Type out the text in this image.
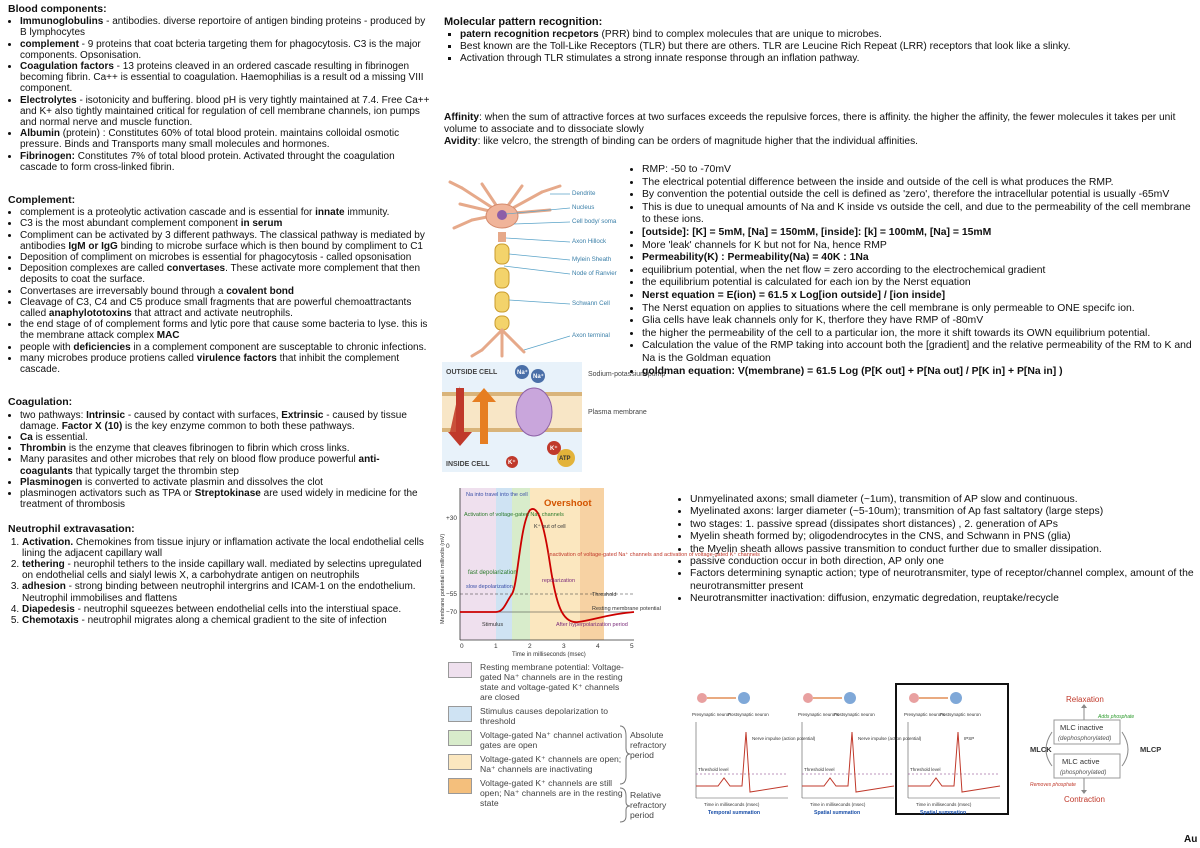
Blood components:
• Immunoglobulins - antibodies. diverse reportoire of antigen binding proteins - produced by B lymphocytes
• complement - 9 proteins that coat bcteria targeting them for phagocytosis. C3 is the major components. Opsonisation.
• Coagulation factors - 13 proteins cleaved in an ordered cascade resulting in fibrinogen becoming fibrin. Ca++ is essential to coagulation. Haemophilias is a result od a missing VIII component.
• Electrolytes - isotonicity and buffering. blood pH is very tightly maintained at 7.4. Free Ca++ and K+ also tightly maintained critical for regulation of cell membrane channels, ion pumps and normal nerve and muscle function.
• Albumin (protein) : Constitutes 60% of total blood protein. maintains colloidal osmotic pressure. Binds and Transports many small molecules and hormones.
• Fibrinogen: Constitutes 7% of total blood protein. Activated throught the coagulation cascade to form cross-linked fibrin.
Complement:
• complement is a proteolytic activation cascade and is essential for innate immunity.
• C3 is the most abundant complement component in serum
• Compliment can be activated by 3 different pathways. The classical pathway is mediated by antibodies IgM or IgG binding to microbe surface which is then bound by compliment to C1
• Deposition of compliment on microbes is essential for phagocytosis - called opsonisation
• Deposition complexes are called convertases. These activate more complement that then deposits to coat the surface.
• Convertases are irreversably bound through a covalent bond
• Cleavage of C3, C4 and C5 produce small fragments that are powerful chemoattractants called anaphylototoxins that attract and activate neutrophils.
• the end stage of of complement forms and lytic pore that cause some bacteria to lyse. this is the membrane attack complex MAC
• people with deficiencies in a complement component are susceptable to chronic infections.
• many microbes produce protiens called virulence factors that inhibit the complement cascade.
Coagulation:
• two pathways: Intrinsic - caused by contact with surfaces, Extrinsic - caused by tissue damage. Factor X (10) is the key enzyme common to both these pathways.
• Ca is essential.
• Thrombin is the enzyme that cleaves fibrinogen to fibrin which cross links.
• Many parasites and other microbes that rely on blood flow produce powerful anti-coagulants that typically target the thrombin step
• Plasminogen is converted to activate plasmin and dissolves the clot
• plasminogen activators such as TPA or Streptokinase are used widely in medicine for the treatment of thrombosis
Neutrophil extravasation:
1. Activation. Chemokines from tissue injury or inflamation activate the local endothelial cells lining the adjacent capillary wall
2. tethering - neurophil tethers to the inside capillary wall. mediated by selectins upregulated on endothelial cells and sialyl lewis X, a carbohydrate antigen on neutrophils
3. adhesion - strong binding between neutrophil intergrins and ICAM-1 on the endothelium. Neutrophil immobilises and flattens
4. Diapedesis - neutrophil squeezes between endothelial cells into the interstiual space.
5. Chemotaxis - neutrophil migrates along a chemical gradient to the site of infection
Molecular pattern recognition:
▪ patern recognition recpetors (PRR) bind to complex molecules that are unique to microbes.
▪ Best known are the Toll-Like Receptors (TLR) but there are others. TLR are Leucine Rich Repeat (LRR) receptors that look like a slinky.
▪ Activation through TLR stimulates a strong innate response through an inflation pathway.
Affinity: when the sum of attractive forces at two surfaces exceeds the repulsive forces, there is affinity. the higher the affinity, the fewer molecules it takes per unit volume to associate and to dissociate slowly
Avidity: like velcro, the strength of binding can be orders of magnitude higher that the individual affinities.
Dendrite
Nucleus
Cell body/ soma
Axon Hillock
Mylein Sheath
Node of Ranvier
Schwann Cell
Axon terminal
Na⁺
Na⁺
K⁺
ATP
K⁺
OUTSIDE CELL
INSIDE CELL
Sodium-potassium pump
Plasma membrane
+30
0
−55
−70
0	1	2	3	4	5
Overshoot
Threshold
Resting membrane potential
Stimulus
Activation of voltage-gated Na⁺ channels
Inactivation of voltage-gated Na⁺ channels and activation of voltage-gated K⁺ channels
K⁺ out of cell
Na into travel into the cell
fast depolarization
slow depolarization
repolarization
After hyperpolarization period
Time in milliseconds (msec)
Membrane potential in millivolts (mV)
Resting membrane potential: Voltage-gated Na⁺ channels are in the resting state and voltage-gated K⁺ channels are closed
Stimulus causes depolarization to threshold
Voltage-gated Na⁺ channel activation gates are open
Voltage-gated K⁺ channels are open; Na⁺ channels are inactivating
Voltage-gated K⁺ channels are still open; Na⁺ channels are in the resting state
Absolute refractory period
Relative refractory period
• RMP: -50 to -70mV
• The electrical potential difference between the inside and outside of the cell is what produces the RMP.
• By convention the potential outside the cell is defined as 'zero', therefore the intracellular potential is usually -65mV
• This is due to unequal amounts of Na and K inside vs outside the cell, and due to the permeability of the cell membrane to these ions.
• [outside]: [K] = 5mM, [Na] = 150mM, [inside]: [k] = 100mM, [Na] = 15mM
• More 'leak' channels for K but not for Na, hence RMP
• Permeability(K) : Permeability(Na) = 40K : 1Na
• equilibrium potential, when the net flow = zero according to the electrochemical gradient
• the equilibrium potential is calculated for each ion by the Nerst equation
• Nerst equation = E(ion) = 61.5 x Log[ion outside] / [ion inside]
• The Nerst equation on applies to situations where the cell membrane is only permeable to ONE specifc ion.
• Glia cells have leak channels only for K, therfore they have RMP of -80mV
• the higher the permeability of the cell to a particular ion, the more it shift towards its OWN equilibrium potential.
• Calculation the value of the RMP taking into account both the [gradient] and the relative permeability of the RM to K and Na is the Goldman equation
• goldman equation: V(membrane) = 61.5 Log (P[K out] + P[Na out] / P[K in] + P[Na in] )
• Unmyelinated axons; small diameter (~1um), transmition of AP slow and continuous.
• Myelinated axons: larger diameter (~5-10um); transmition of Ap fast saltatory (large steps)
• two stages: 1. passive spread (dissipates short distances) , 2. generation of APs
• Myelin sheath formed by; oligodendrocytes in the CNS, and Schwann in PNS (glia)
• the Myelin sheath allows passive transmition to conduct further due to smaller dissipation.
• passive conduction occur in both direction, AP only one
• Factors determining synaptic action; type of neurotransmiter, type of receptor/channel complex, amount of the neurotransmitter present
• Neurotransmitter inactivation: diffusion, enzymatic degredation, reuptake/recycle
Presynaptic neuron
Postsynaptic neuron
Nerve impulse (action potential)
Threshold level
Time in milliseconds (msec)
Temporal summation
Presynaptic neurons
Postsynaptic neuron
Nerve impulse (action potential)
Threshold level
Time in milliseconds (msec)
Spatial summation
Presynaptic neurons
Postsynaptic neuron
IPSP
Threshold level
Time in milliseconds (msec)
Spatial summation
Relaxation
MLC inactive
(dephosphorylated)
MLC active
(phosphorylated)
Contraction
MLCK	MLCP
Adds phosphate
Removes phosphate
Au
